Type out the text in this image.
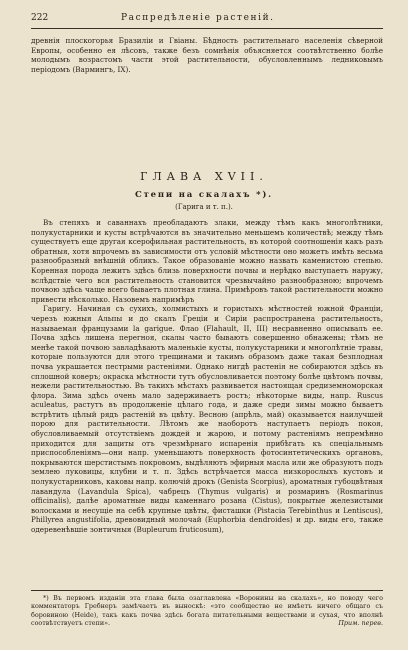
222	Распредѣленіе растеній.

древнія плоскогорья Бразиліи и Гвіаны. Бѣдность растительнаго населенія сѣверной Европы, особенно ея лѣсовъ, также безъ сомнѣнія объясняется соотвѣтственно болѣе молодымъ возрастомъ части этой растительности, обусловленнымъ ледниковымъ періодомъ (Вармингъ, IX).

ГЛАВА XVII.
Степи на скалахъ *).
(Гарига и т. п.).

Въ степяхъ и саваннахъ преобладаютъ злаки, между тѣмъ какъ многолѣтники, полукустарники и кусты встрѣчаются въ значительно меньшемъ количествѣ; между тѣмъ существуетъ еще другая ксерофильная растительность, въ которой соотношенія какъ разъ обратныя, хотя впрочемъ въ зависимости отъ условій мѣстности оно можетъ имѣть весьма разнообразный внѣшній обликъ. Такое образованіе можно назвать каменистою степью. Коренная порода лежитъ здѣсь близь поверхности почвы и нерѣдко выступаетъ наружу, вслѣдствіе чего вся растительность становится чрезвычайно разнообразною; впрочемъ почвою здѣсь чаще всего бываетъ плотная глина. Примѣровъ такой растительности можно привести нѣсколько. Назовемъ напримѣръ

Гаригу. Начиная съ сухихъ, холмистыхъ и гористыхъ мѣстностей южной Франціи, черезъ южныя Альпы и до скалъ Греціи и Сиріи распространена растительность, называемая французами la garigue. Флао (Flahault, II, III) несравненно описывалъ ее. Почва здѣсь лишена перегноя, скалы часто бываютъ совершенно обнажены; тѣмъ не менѣе такой почвою завладѣваютъ маленькіе кусты, полукустарники и многолѣтніе травы, которые пользуются для этого трещинами и такимъ образомъ даже такая безплодная почва украшается пестрыми растеніями. Однако нигдѣ растенія не собираются здѣсь въ сплошной коверъ; окраска мѣстности тутъ обусловливается поэтому болѣе цвѣтомъ почвы, нежели растительностью. Въ такихъ мѣстахъ развивается настоящая средиземноморская флора. Зима здѣсь очень мало задерживаетъ ростъ; нѣкоторые виды, напр. Ruscus aculeatus, растутъ въ продолженіе цѣлаго года, и даже среди зимы можно бываетъ встрѣтить цѣлый рядъ растеній въ цвѣту. Весною (апрѣль, май) оказывается наилучшей порою для растительности. Лѣтомъ же наоборотъ наступаетъ періодъ покоя, обусловливаемый отсутствіемъ дождей и жарою, и потому растеніямъ непремѣнно приходится для защиты отъ чрезмѣрнаго испаренія прибѣгать къ спеціальнымъ приспособленіямъ—они напр. уменьшаютъ поверхность фотосинтетическихъ органовъ, покрываются шерстистымъ покровомъ, выдѣляютъ эфирныя масла или же образуютъ подъ землею луковицы, клубни и т. п. Здѣсь встрѣчается масса низкорослыхъ кустовъ и полукустарниковъ, каковы напр. колючій дрокъ (Genista Scorpius), ароматныя губоцвѣтныя лавандула (Lavandula Spica), чабрецъ (Thymus vulgaris) и розмаринъ (Rosmarinus officinalis), далѣе ароматные виды каменнаго розана (Cistus), покрытые железистыми волосками и несущіе на себѣ крупные цвѣты, фисташки (Pistacia Terebinthus и Lentiscus), Phillyrea angustifolia, древовидный молочай (Euphorbia dendroides) и др. виды его, также одеревенѣвшіе зонтичныя (Bupleurum fruticosum),

*) Въ первомъ изданіи эта глава была озаглавлена «Воронины на скалахъ», но поводу чего комментаторъ Гребнеръ замѣчаетъ въ выноскѣ: «это сообщество не имѣетъ ничего общаго съ боровиною (Heide), такъ какъ почва здѣсь богата питательными веществами и сухая, что вполнѣ соотвѣтствуетъ степи».	Прим. перев.
